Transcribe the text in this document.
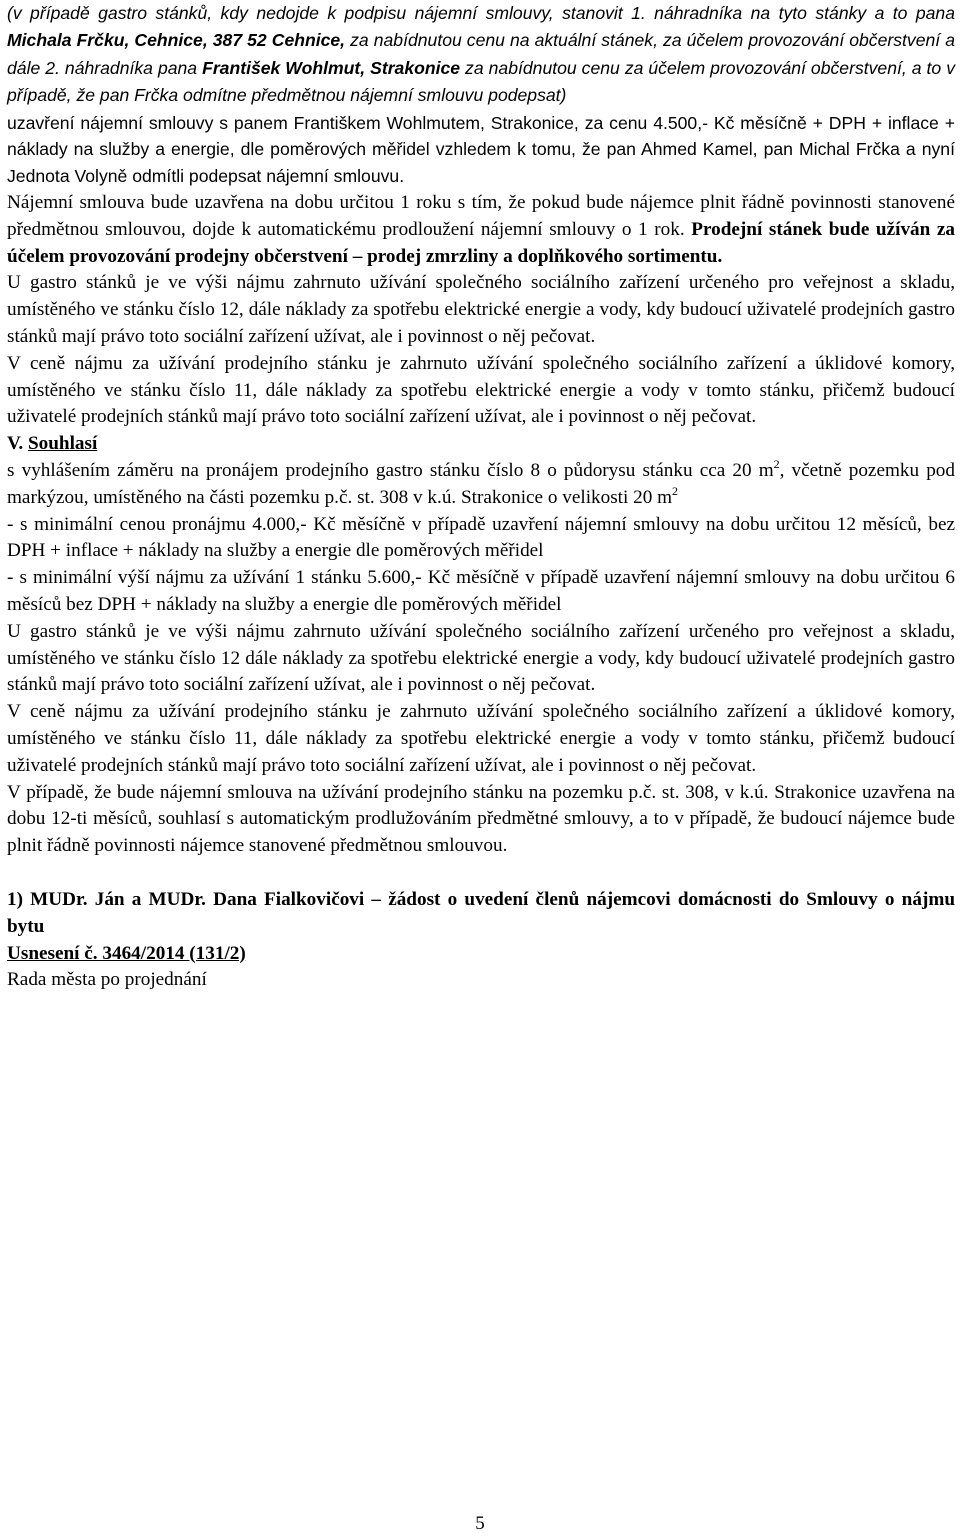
(v případě gastro stánků, kdy nedojde k podpisu nájemní smlouvy, stanovit 1. náhradníka na tyto stánky a to pana Michala Frčku, Cehnice, 387 52 Cehnice, za nabídnutou cenu na aktuální stánek, za účelem provozování občerstvení a dále 2. náhradníka pana František Wohlmut, Strakonice za nabídnutou cenu za účelem provozování občerstvení, a to v případě, že pan Frčka odmítne předmětnou nájemní smlouvu podepsat)

uzavření nájemní smlouvy s panem Františkem Wohlmutem, Strakonice, za cenu 4.500,- Kč měsíčně + DPH + inflace + náklady na služby a energie, dle poměrových měřidel vzhledem k tomu, že pan Ahmed Kamel, pan Michal Frčka a nyní Jednota Volyně odmítli podepsat nájemní smlouvu.

Nájemní smlouva bude uzavřena na dobu určitou 1 roku s tím, že pokud bude nájemce plnit řádně povinnosti stanovené předmětnou smlouvou, dojde k automatickému prodloužení nájemní smlouvy o 1 rok. Prodejní stánek bude užíván za účelem provozování prodejny občerstvení – prodej zmrzliny a doplňkového sortimentu.

U gastro stánků je ve výši nájmu zahrnuto užívání společného sociálního zařízení určeného pro veřejnost a skladu, umístěného ve stánku číslo 12, dále náklady za spotřebu elektrické energie a vody, kdy budoucí uživatelé prodejních gastro stánků mají právo toto sociální zařízení užívat, ale i povinnost o něj pečovat.

V ceně nájmu za užívání prodejního stánku je zahrnuto užívání společného sociálního zařízení a úklidové komory, umístěného ve stánku číslo 11, dále náklady za spotřebu elektrické energie a vody v tomto stánku, přičemž budoucí uživatelé prodejních stánků mají právo toto sociální zařízení užívat, ale i povinnost o něj pečovat.

V. Souhlasí

s vyhlášením záměru na pronájem prodejního gastro stánku číslo 8 o půdorysu stánku cca 20 $m^2$, včetně pozemku pod markýzou, umístěného na části pozemku p.č. st. 308 v k.ú. Strakonice o velikosti 20 $m^2$

- s minimální cenou pronájmu 4.000,- Kč měsíčně v případě uzavření nájemní smlouvy na dobu určitou 12 měsíců, bez DPH + inflace + náklady na služby a energie dle poměrových měřidel

- s minimální výší nájmu za užívání 1 stánku 5.600,- Kč měsíčně v případě uzavření nájemní smlouvy na dobu určitou 6 měsíců bez DPH + náklady na služby a energie dle poměrových měřidel

U gastro stánků je ve výši nájmu zahrnuto užívání společného sociálního zařízení určeného pro veřejnost a skladu, umístěného ve stánku číslo 12 dále náklady za spotřebu elektrické energie a vody, kdy budoucí uživatelé prodejních gastro stánků mají právo toto sociální zařízení užívat, ale i povinnost o něj pečovat.

V ceně nájmu za užívání prodejního stánku je zahrnuto užívání společného sociálního zařízení a úklidové komory, umístěného ve stánku číslo 11, dále náklady za spotřebu elektrické energie a vody v tomto stánku, přičemž budoucí uživatelé prodejních stánků mají právo toto sociální zařízení užívat, ale i povinnost o něj pečovat.

V případě, že bude nájemní smlouva na užívání prodejního stánku na pozemku p.č. st. 308, v k.ú. Strakonice uzavřena na dobu 12-ti měsíců, souhlasí s automatickým prodlužováním předmětné smlouvy, a to v případě, že budoucí nájemce bude plnit řádně povinnosti nájemce stanovené předmětnou smlouvou.

1) MUDr. Ján a MUDr. Dana Fialkovičovi – žádost o uvedení členů nájemcovi domácnosti do Smlouvy o nájmu bytu

Usnesení č. 3464/2014 (131/2)

Rada města po projednání

5
